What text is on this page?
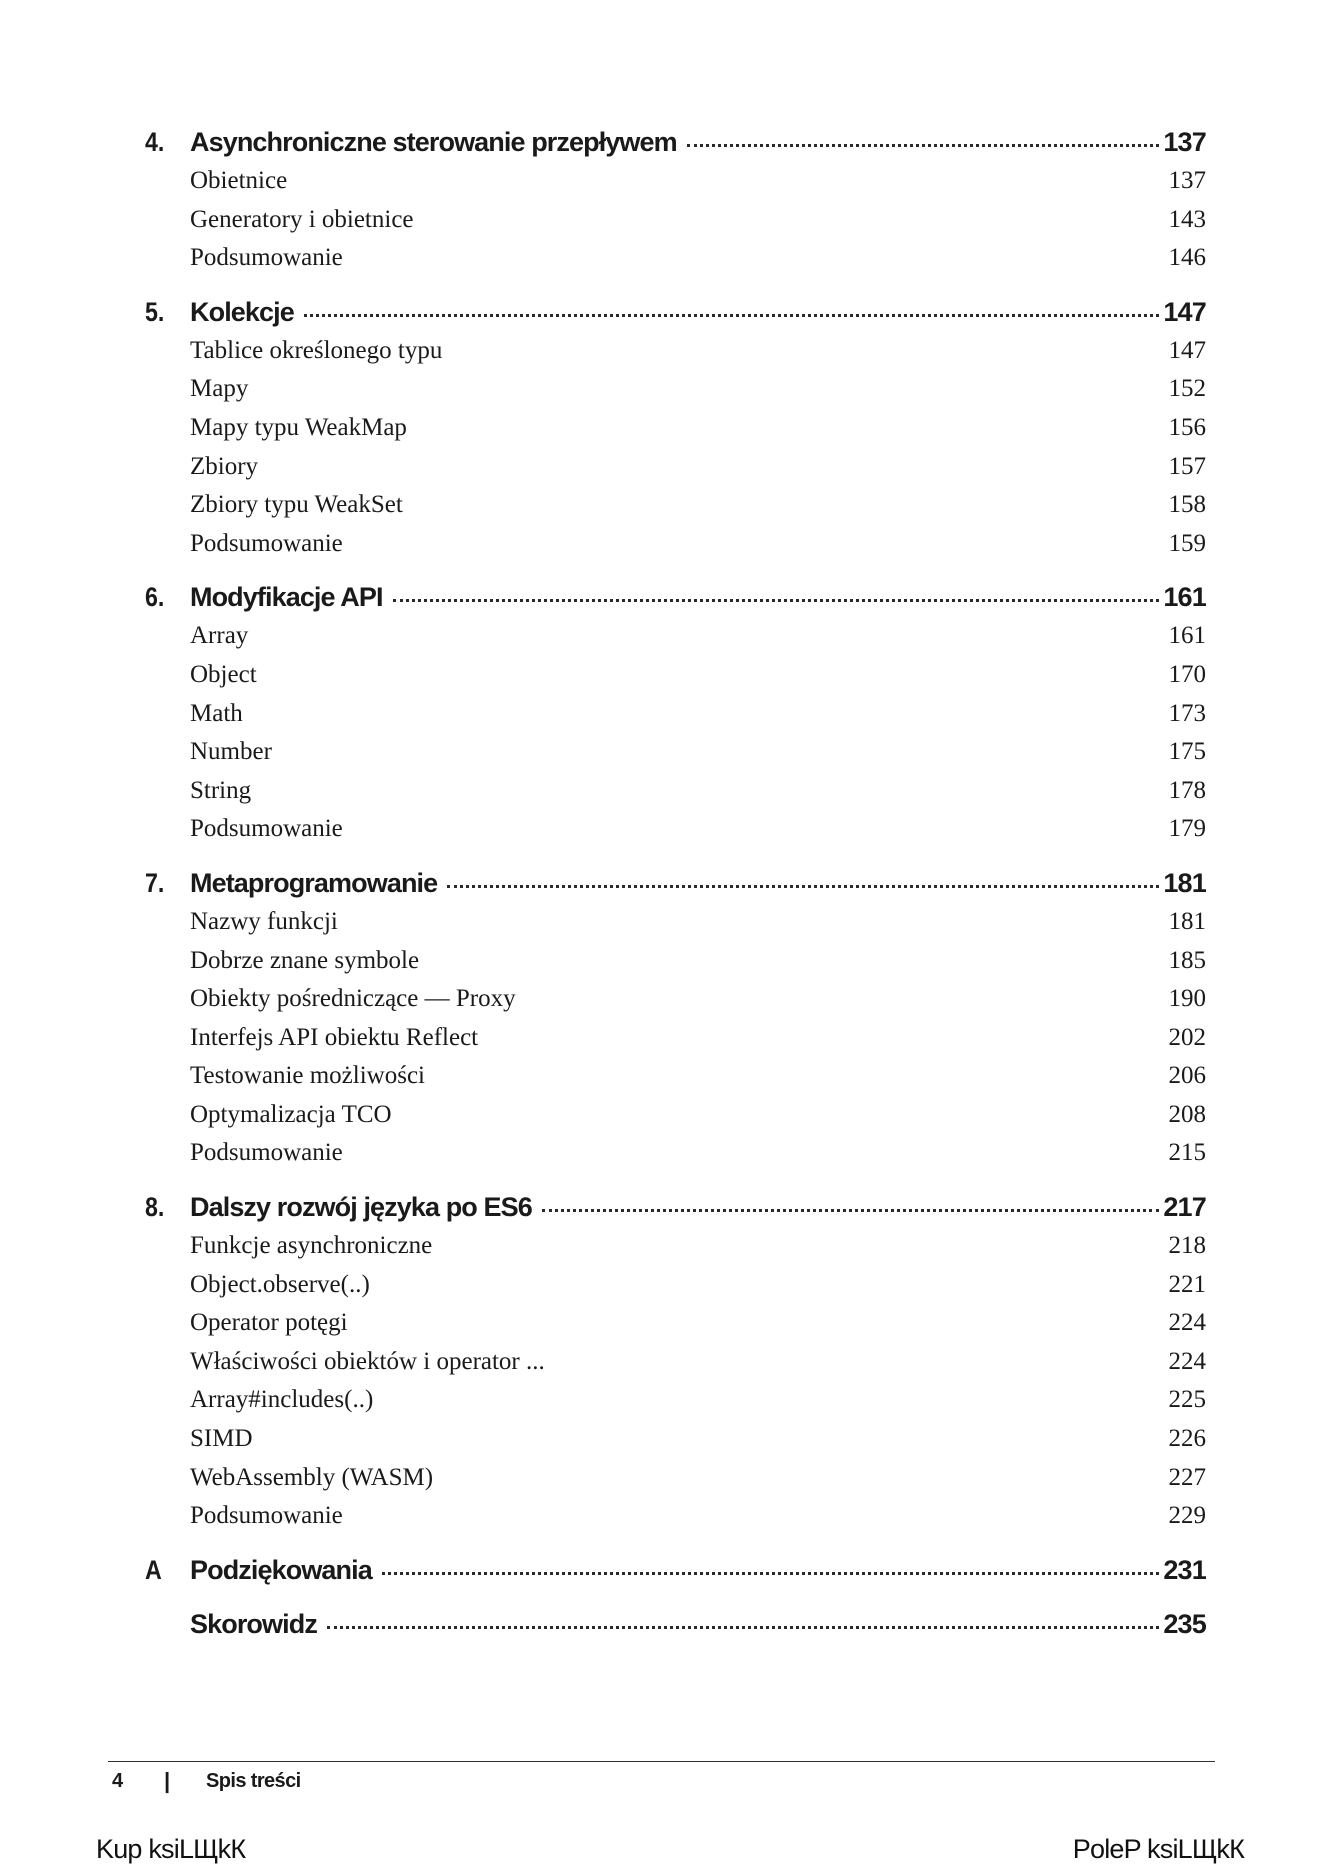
4. Asynchroniczne sterowanie przepływem	137
Obietnice	137
Generatory i obietnice	143
Podsumowanie	146
5. Kolekcje	147
Tablice określonego typu	147
Mapy	152
Mapy typu WeakMap	156
Zbiory	157
Zbiory typu WeakSet	158
Podsumowanie	159
6. Modyfikacje API	161
Array	161
Object	170
Math	173
Number	175
String	178
Podsumowanie	179
7. Metaprogramowanie	181
Nazwy funkcji	181
Dobrze znane symbole	185
Obiekty pośredniczące — Proxy	190
Interfejs API obiektu Reflect	202
Testowanie możliwości	206
Optymalizacja TCO	208
Podsumowanie	215
8. Dalszy rozwój języka po ES6	217
Funkcje asynchroniczne	218
Object.observe(..)	221
Operator potęgi	224
Właściwości obiektów i operator ...	224
Array#includes(..)	225
SIMD	226
WebAssembly (WASM)	227
Podsumowanie	229
A Podziękowania	231
Skorowidz	235
4 | Spis treści
Kup ksiLЩkК	PoleP ksiLЩkК
